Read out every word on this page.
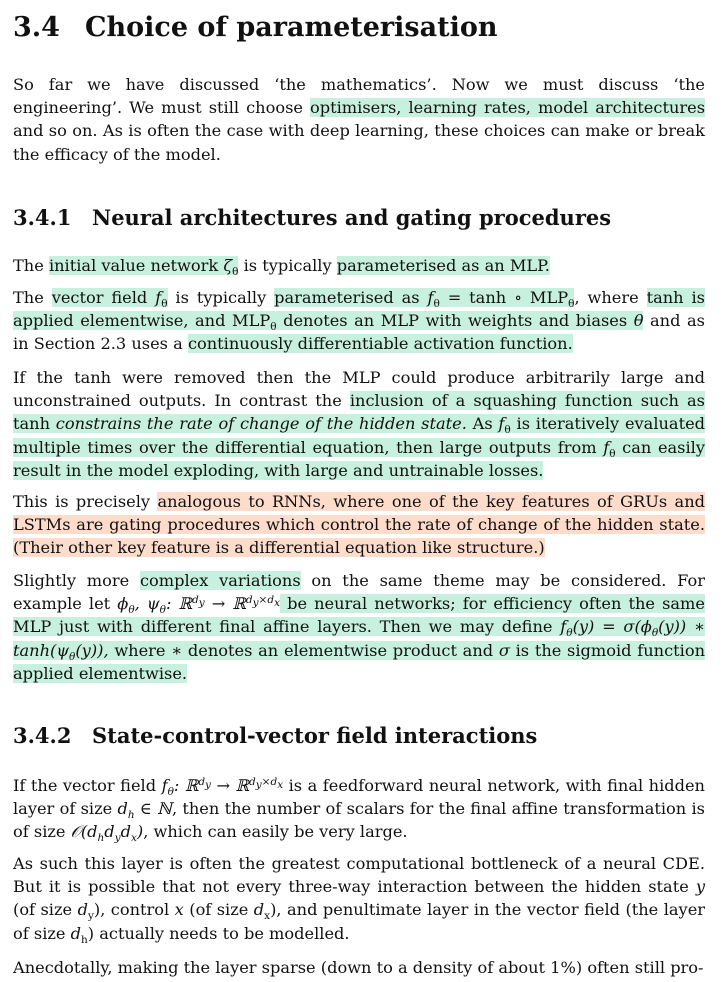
3.4 Choice of parameterisation

So far we have discussed ‘the mathematics’. Now we must discuss ‘the engineering’. We must still choose optimisers, learning rates, model architectures and so on. As is often the case with deep learning, these choices can make or break the efficacy of the model.

3.4.1 Neural architectures and gating procedures

The initial value network $\zeta_\theta$ is typically parameterised as an MLP.

The vector field $f_\theta$ is typically parameterised as $f_\theta = \tanh$ ∘ $MLP_\theta$, where tanh is applied elementwise, and $MLP_\theta$ denotes an MLP with weights and biases θ and as in Section 2.3 uses a continuously differentiable activation function.

If the tanh were removed then the MLP could produce arbitrarily large and unconstrained outputs. In contrast the inclusion of a squashing function such as tanh constrains the rate of change of the hidden state. As $f_\theta$ is iteratively evaluated multiple times over the differential equation, then large outputs from $f_\theta$ can easily result in the model exploding, with large and untrainable losses.

This is precisely analogous to RNNs, where one of the key features of GRUs and LSTMs are gating procedures which control the rate of change of the hidden state. (Their other key feature is a differential equation like structure.)

Slightly more complex variations on the same theme may be considered. For example let $\phi_\theta$, $\psi_\theta$: ℝ$^{d_y}$ → ℝ$^{d_y\times d_x}$ be neural networks; for efficiency often the same MLP just with different final affine layers. Then we may define $f_\theta(y) = \sigma(\phi_\theta(y))$ ∗ $\tanh(\psi_\theta(y))$, where ∗ denotes an elementwise product and σ is the sigmoid function applied elementwise.

3.4.2 State-control-vector field interactions

If the vector field $f_\theta$: ℝ$^{d_y}$ → ℝ$^{d_y\times d_x}$ is a feedforward neural network, with final hidden layer of size $d_h$ ∈ ℕ, then the number of scalars for the final affine transformation is of size $𝒪(d_hd_yd_x)$, which can easily be very large.

As such this layer is often the greatest computational bottleneck of a neural CDE. But it is possible that not every three-way interaction between the hidden state y (of size $d_y$), control x (of size $d_x$), and penultimate layer in the vector field (the layer of size $d_h$) actually needs to be modelled.

Anecdotally, making the layer sparse (down to a density of about 1%) often still pro-
